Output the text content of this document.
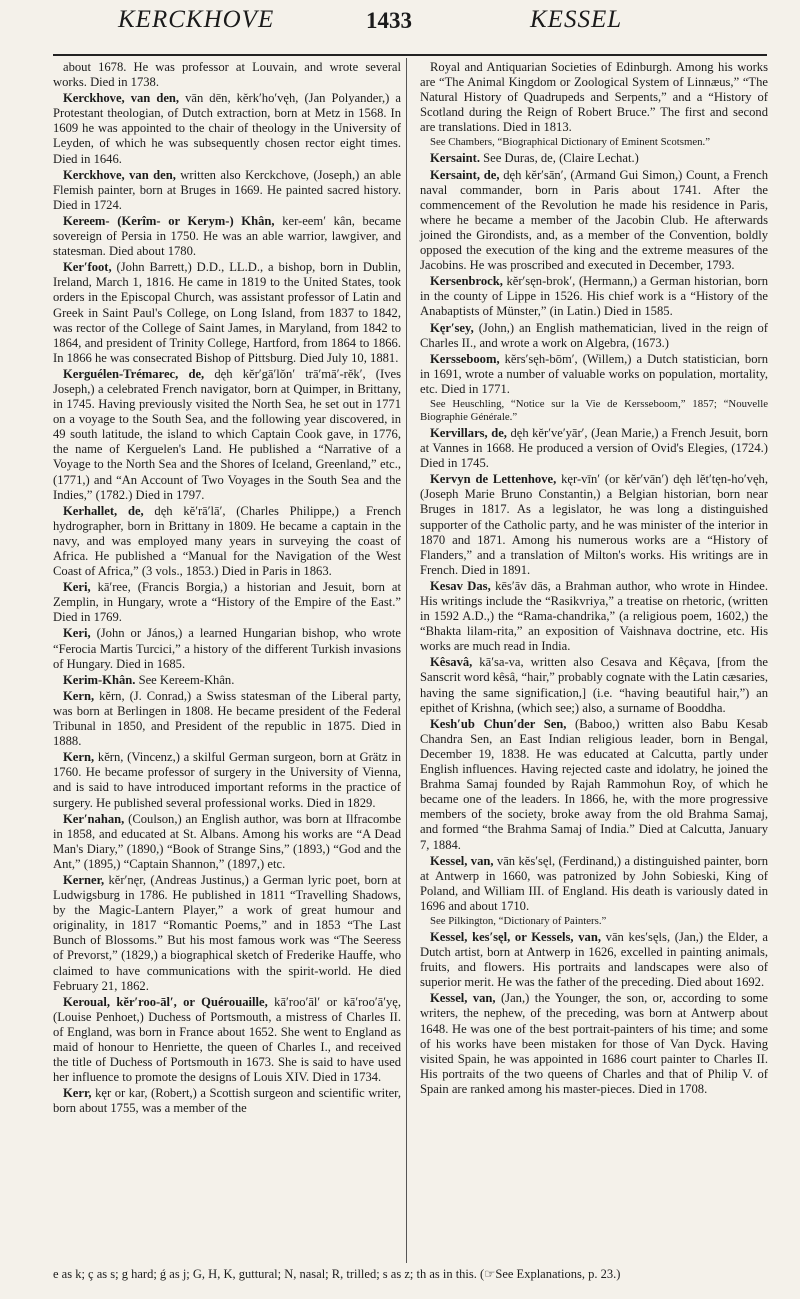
KERCKHOVE	1433	KESSEL

about 1678. He was professor at Louvain, and wrote several works. Died in 1738.

Kerckhove, van den, vān dēn, kĕrk′ho′vęh, (Jan Polyander,) a Protestant theologian, of Dutch extraction, born at Metz in 1568. In 1609 he was appointed to the chair of theology in the University of Leyden, of which he was subsequently chosen rector eight times. Died in 1646.

Kerckhove, van den, written also Kerckchove, (Joseph,) an able Flemish painter, born at Bruges in 1669. He painted sacred history. Died in 1724.

Kereem- (Kerîm- or Kerym-) Khân, ker-eem′ kân, became sovereign of Persia in 1750. He was an able warrior, lawgiver, and statesman. Died about 1780.

Ker′foot, (John Barrett,) D.D., LL.D., a bishop, born in Dublin, Ireland, March 1, 1816. He came in 1819 to the United States, took orders in the Episcopal Church, was assistant professor of Latin and Greek in Saint Paul's College, on Long Island, from 1837 to 1842, was rector of the College of Saint James, in Maryland, from 1842 to 1864, and president of Trinity College, Hartford, from 1864 to 1866. In 1866 he was consecrated Bishop of Pittsburg. Died July 10, 1881.

Kerguélen-Trémarec, de, dęh kĕr′gā′lŏn′ trā′mā′-rĕk′, (Ives Joseph,) a celebrated French navigator, born at Quimper, in Brittany, in 1745. Having previously visited the North Sea, he set out in 1771 on a voyage to the South Sea, and the following year discovered, in 49 south latitude, the island to which Captain Cook gave, in 1776, the name of Kerguelen's Land. He published a “Narrative of a Voyage to the North Sea and the Shores of Iceland, Greenland,” etc., (1771,) and “An Account of Two Voyages in the South Sea and the Indies,” (1782.) Died in 1797.

Kerhallet, de, dęh kĕ′rā′lā′, (Charles Philippe,) a French hydrographer, born in Brittany in 1809. He became a captain in the navy, and was employed many years in surveying the coast of Africa. He published a “Manual for the Navigation of the West Coast of Africa,” (3 vols., 1853.) Died in Paris in 1863.

Keri, kā′ree, (Francis Borgia,) a historian and Jesuit, born at Zemplin, in Hungary, wrote a “History of the Empire of the East.” Died in 1769.

Keri, (John or János,) a learned Hungarian bishop, who wrote “Ferocia Martis Turcici,” a history of the different Turkish invasions of Hungary. Died in 1685.

Kerim-Khân. See Kereem-Khân.

Kern, kĕrn, (J. Conrad,) a Swiss statesman of the Liberal party, was born at Berlingen in 1808. He became president of the Federal Tribunal in 1850, and President of the republic in 1875. Died in 1888.

Kern, kĕrn, (Vincenz,) a skilful German surgeon, born at Grätz in 1760. He became professor of surgery in the University of Vienna, and is said to have introduced important reforms in the practice of surgery. He published several professional works. Died in 1829.

Ker′nahan, (Coulson,) an English author, was born at Ilfracombe in 1858, and educated at St. Albans. Among his works are “A Dead Man's Diary,” (1890,) “Book of Strange Sins,” (1893,) “God and the Ant,” (1895,) “Captain Shannon,” (1897,) etc.

Kerner, kĕr′nęr, (Andreas Justinus,) a German lyric poet, born at Ludwigsburg in 1786. He published in 1811 “Travelling Shadows, by the Magic-Lantern Player,” a work of great humour and originality, in 1817 “Romantic Poems,” and in 1853 “The Last Bunch of Blossoms.” But his most famous work was “The Seeress of Prevorst,” (1829,) a biographical sketch of Frederike Hauffe, who claimed to have communications with the spirit-world. He died February 21, 1862.

Keroual, kĕr′roo-āl′, or Quérouaille, kā′roo′āl′ or kā′roo′ā′yę, (Louise Penhoet,) Duchess of Portsmouth, a mistress of Charles II. of England, was born in France about 1652. She went to England as maid of honour to Henriette, the queen of Charles I., and received the title of Duchess of Portsmouth in 1673. She is said to have used her influence to promote the designs of Louis XIV. Died in 1734.

Kerr, kęr or kar, (Robert,) a Scottish surgeon and scientific writer, born about 1755, was a member of the

Royal and Antiquarian Societies of Edinburgh. Among his works are “The Animal Kingdom or Zoological System of Linnæus,” “The Natural History of Quadrupeds and Serpents,” and a “History of Scotland during the Reign of Robert Bruce.” The first and second are translations. Died in 1813.

See Chambers, “Biographical Dictionary of Eminent Scotsmen.”

Kersaint. See Duras, de, (Claire Lechat.)

Kersaint, de, dęh kĕr′sān′, (Armand Gui Simon,) Count, a French naval commander, born in Paris about 1741. After the commencement of the Revolution he made his residence in Paris, where he became a member of the Jacobin Club. He afterwards joined the Girondists, and, as a member of the Convention, boldly opposed the execution of the king and the extreme measures of the Jacobins. He was proscribed and executed in December, 1793.

Kersenbrock, kĕr′sęn-brok′, (Hermann,) a German historian, born in the county of Lippe in 1526. His chief work is a “History of the Anabaptists of Münster,” (in Latin.) Died in 1585.

Kęr′sey, (John,) an English mathematician, lived in the reign of Charles II., and wrote a work on Algebra, (1673.)

Kersseboom, kĕrs′sęh-bōm′, (Willem,) a Dutch statistician, born in 1691, wrote a number of valuable works on population, mortality, etc. Died in 1771.

See Heuschling, “Notice sur la Vie de Kersseboom,” 1857; “Nouvelle Biographie Générale.”

Kervillars, de, dęh kĕr′ve′yār′, (Jean Marie,) a French Jesuit, born at Vannes in 1668. He produced a version of Ovid's Elegies, (1724.) Died in 1745.

Kervyn de Lettenhove, kęr-vīn′ (or kĕr′vān′) dęh lĕt′tęn-ho′vęh, (Joseph Marie Bruno Constantin,) a Belgian historian, born near Bruges in 1817. As a legislator, he was long a distinguished supporter of the Catholic party, and he was minister of the interior in 1870 and 1871. Among his numerous works are a “History of Flanders,” and a translation of Milton's works. His writings are in French. Died in 1891.

Kesav Das, kēs′āv dās, a Brahman author, who wrote in Hindee. His writings include the “Rasikvriya,” a treatise on rhetoric, (written in 1592 A.D.,) the “Rama-chandrika,” (a religious poem, 1602,) the “Bhakta lilam-rita,” an exposition of Vaishnava doctrine, etc. His works are much read in India.

Kêsavâ, kā′sa-va, written also Cesava and Kêçava, [from the Sanscrit word kêsâ, “hair,” probably cognate with the Latin cæsaries, having the same signification,] (i.e. “having beautiful hair,”) an epithet of Krishna, (which see;) also, a surname of Booddha.

Kesh′ub Chun′der Sen, (Baboo,) written also Babu Kesab Chandra Sen, an East Indian religious leader, born in Bengal, December 19, 1838. He was educated at Calcutta, partly under English influences. Having rejected caste and idolatry, he joined the Brahma Samaj founded by Rajah Rammohun Roy, of which he became one of the leaders. In 1866, he, with the more progressive members of the society, broke away from the old Brahma Samaj, and formed “the Brahma Samaj of India.” Died at Calcutta, January 7, 1884.

Kessel, van, vān kĕs′sęl, (Ferdinand,) a distinguished painter, born at Antwerp in 1660, was patronized by John Sobieski, King of Poland, and William III. of England. His death is variously dated in 1696 and about 1710.

See Pilkington, “Dictionary of Painters.”

Kessel, kes′sęl, or Kessels, van, vān kes′sęls, (Jan,) the Elder, a Dutch artist, born at Antwerp in 1626, excelled in painting animals, fruits, and flowers. His portraits and landscapes were also of superior merit. He was the father of the preceding. Died about 1692.

Kessel, van, (Jan,) the Younger, the son, or, according to some writers, the nephew, of the preceding, was born at Antwerp about 1648. He was one of the best portrait-painters of his time; and some of his works have been mistaken for those of Van Dyck. Having visited Spain, he was appointed in 1686 court painter to Charles II. His portraits of the two queens of Charles and that of Philip V. of Spain are ranked among his master-pieces. Died in 1708.

e as k; ç as s; g hard; ǵ as j; G, H, K, guttural; N, nasal; R, trilled; s as z; th as in this. (☞See Explanations, p. 23.)
